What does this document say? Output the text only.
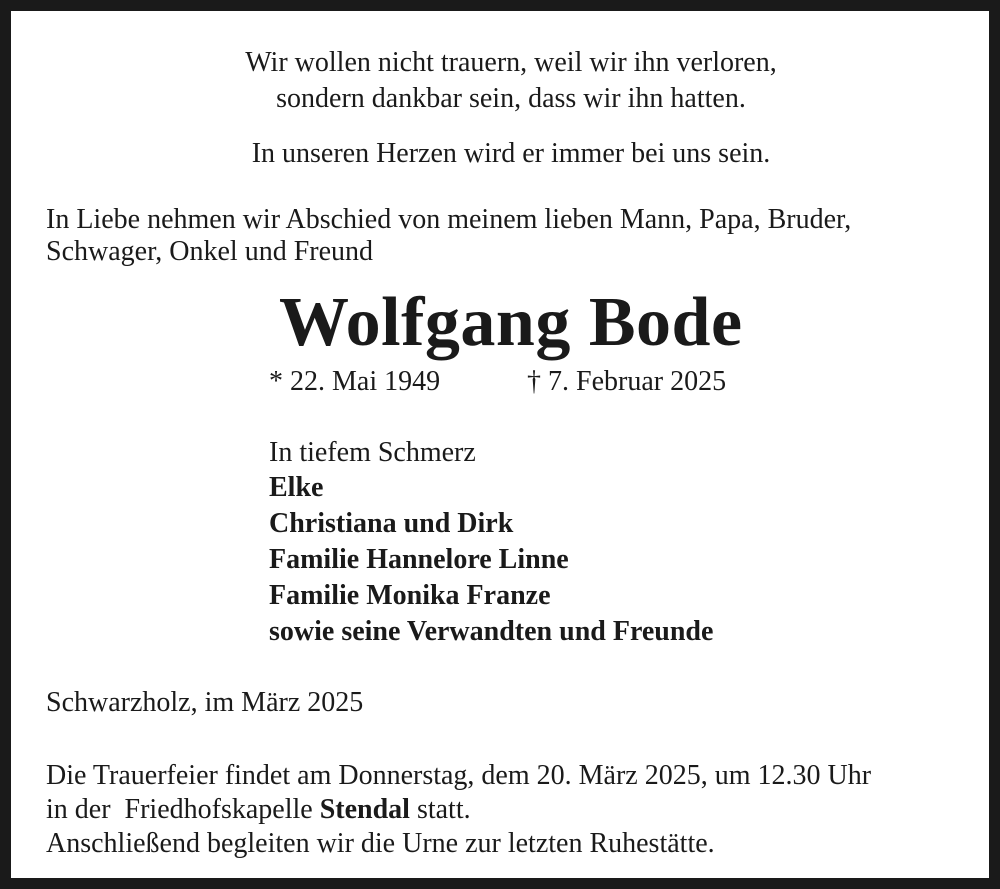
Wir wollen nicht trauern, weil wir ihn verloren,
sondern dankbar sein, dass wir ihn hatten.
In unseren Herzen wird er immer bei uns sein.
In Liebe nehmen wir Abschied von meinem lieben Mann, Papa, Bruder,
Schwager, Onkel und Freund
Wolfgang Bode
* 22. Mai 1949	† 7. Februar 2025
In tiefem Schmerz
Elke
Christiana und Dirk
Familie Hannelore Linne
Familie Monika Franze
sowie seine Verwandten und Freunde
Schwarzholz, im März 2025
Die Trauerfeier findet am Donnerstag, dem 20. März 2025, um 12.30 Uhr
in der  Friedhofskapelle Stendal statt.
Anschließend begleiten wir die Urne zur letzten Ruhestätte.
